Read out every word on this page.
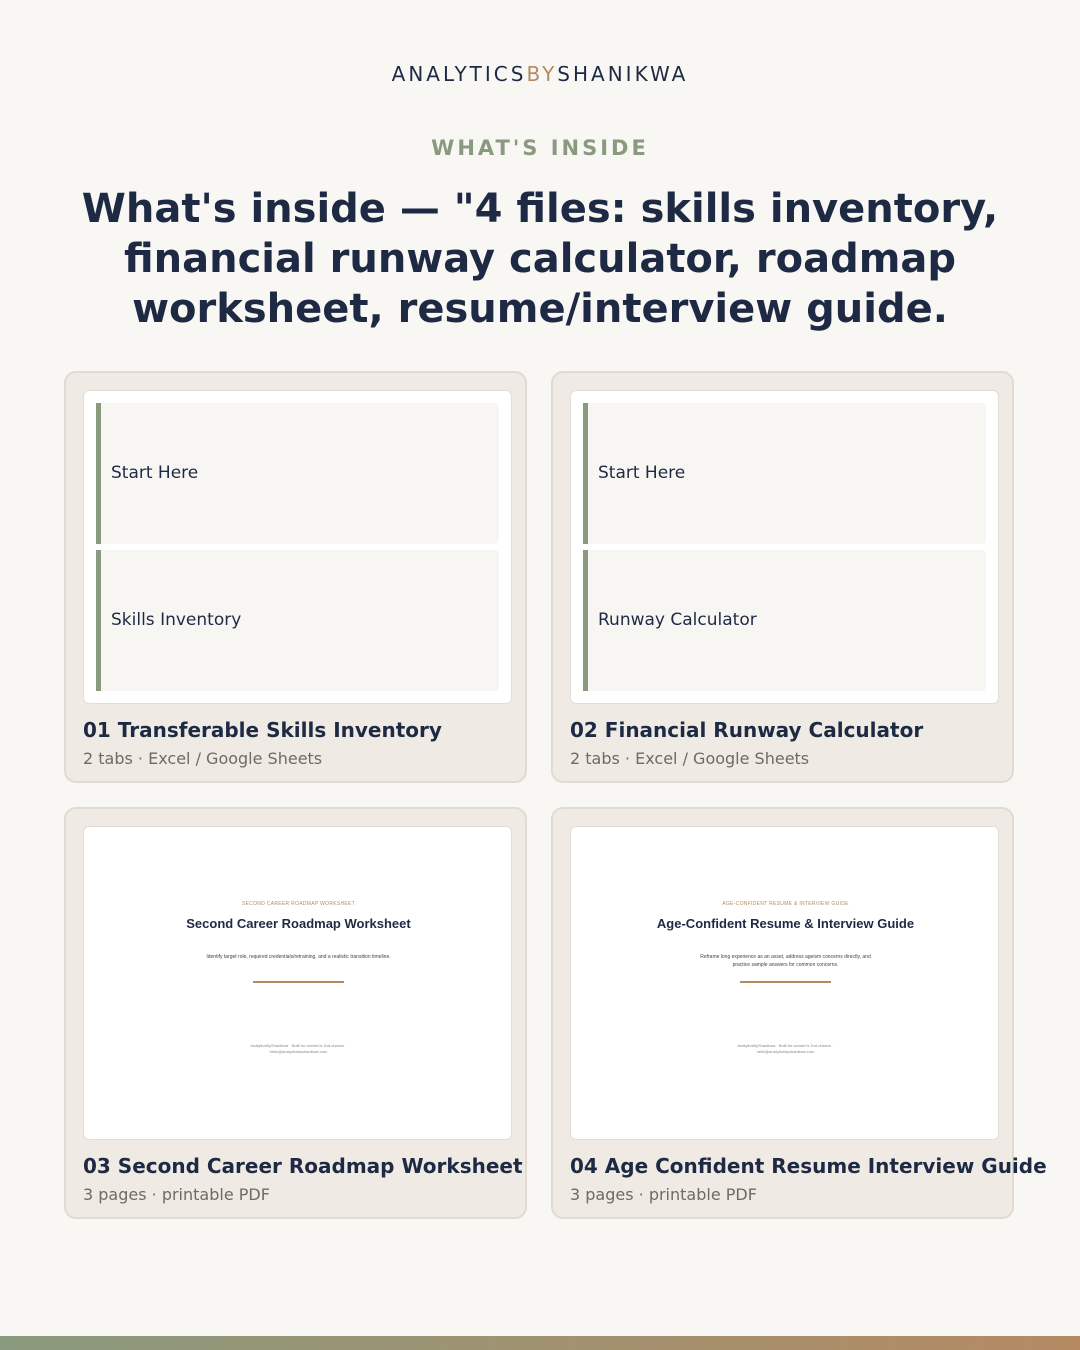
ANALYTICSBYSHANIKWA
WHAT'S INSIDE
What's inside — "4 files: skills inventory, financial runway calculator, roadmap worksheet, resume/interview guide.
Start Here
Skills Inventory
01 Transferable Skills Inventory
2 tabs · Excel / Google Sheets
Start Here
Runway Calculator
02 Financial Runway Calculator
2 tabs · Excel / Google Sheets
SECOND CAREER ROADMAP WORKSHEET
Second Career Roadmap Worksheet
Identify target role, required credentials/retraining, and a realistic transition timeline.
AnalyticsByShanikwa · Built for women's 2nd-chance · hello@analyticsbyshanikwa.com
03 Second Career Roadmap Worksheet
3 pages · printable PDF
AGE-CONFIDENT RESUME & INTERVIEW GUIDE
Age-Confident Resume & Interview Guide
Reframe long experience as an asset, address ageism concerns directly, and practice sample answers for common concerns.
AnalyticsByShanikwa · Built for women's 2nd-chance · hello@analyticsbyshanikwa.com
04 Age Confident Resume Interview Guide
3 pages · printable PDF
